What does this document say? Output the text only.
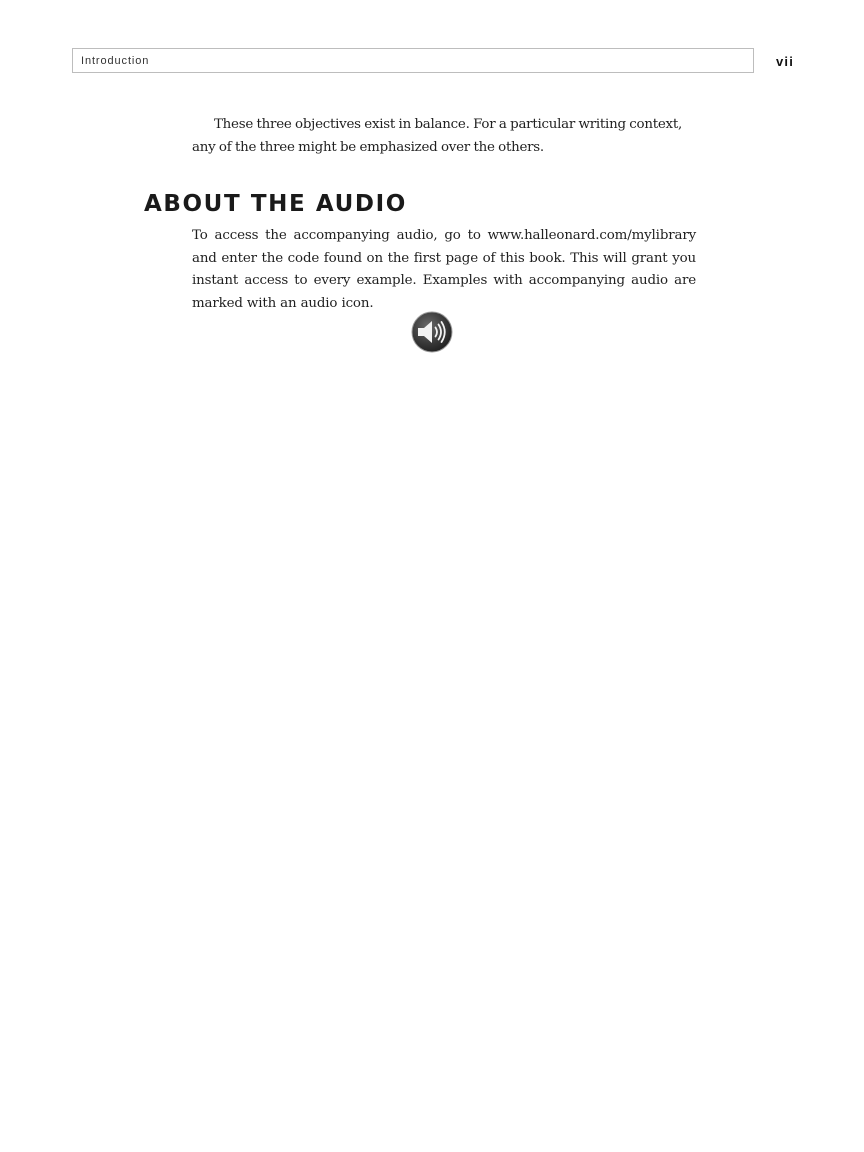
Introduction	vii

These three objectives exist in balance. For a particular writing context, any of the three might be emphasized over the others.

ABOUT THE AUDIO

To access the accompanying audio, go to www.halleonard.com/mylibrary and enter the code found on the first page of this book. This will grant you instant access to every example. Examples with accompanying audio are marked with an audio icon.
